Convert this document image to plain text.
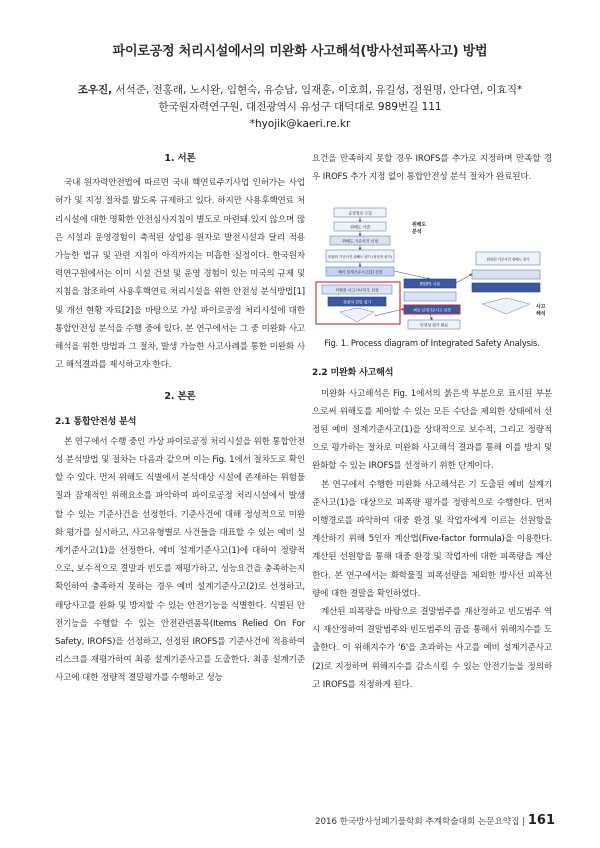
파이로공정 처리시설에서의 미완화 사고해석(방사선피폭사고) 방법
조우진, 서석준, 전홍래, 노시완, 임현숙, 유승남, 임재훈, 이호희, 유길성, 정원명, 안다연, 이효직*
한국원자력연구원, 대전광역시 유성구 대덕대로 989번길 111
*hyojik@kaeri.re.kr
1. 서론

국내 원자력안전법에 따르면 국내 핵연료주기사업 인허가는 사업허가 및 지정 절차를 밟도록 규제하고 있다. 하지만 사용후핵연료 처리시설에 대한 명확한 안전심사지침이 별도로 마련돼 있지 않으며 많은 시설과 운영경험이 축적된 상업용 원자로 발전시설과 달리 적용 가능한 법규 및 관련 지침이 아직까지는 미흡한 실정이다. 한국원자력연구원에서는 이미 시설 건설 및 운영 경험이 있는 미국의 규제 및 지침을 참조하여 사용후핵연료 처리시설을 위한 안전성 분석방법[1] 및 개선 현황 자료[2]을 바탕으로 가상 파이로공정 처리시설에 대한 통합안전성 분석을 수행 중에 있다. 본 연구에서는 그 중 미완화 사고해석을 위한 방법과 그 절차, 발생 가능한 사고사례를 통한 미완화 사고 해석결과를 제시하고자 한다.

2. 본론
2.1 통합안전성 분석

본 연구에서 수행 중인 가상 파이로공정 처리시설을 위한 통합안전성 분석방법 및 절차는 다음과 같으며 이는 Fig. 1에서 절차도로 확인할 수 있다. 먼저 위해도 식별에서 분석대상 시설에 존재하는 위험물질과 잠재적인 위해요소를 파악하여 파이로공정 처리시설에서 발생할 수 있는 기준사건을 선정한다. 기준사건에 대해 정성적으로 미완화 평가를 실시하고, 사고유형별로 사건들을 대표할 수 있는 예비 설계기준사고(1)을 선정한다. 예비 설계기준사고(1)에 대하여 정량적으로, 보수적으로 결말과 빈도를 재평가하고, 성능요건을 충족하는지 확인하여 충족하지 못하는 경우 예비 설계기준사고(2)로 선정하고, 해당사고를 완화 및 방지할 수 있는 안전기능을 식별한다. 식별된 안전기능을 수행할 수 있는 안전관련품목(Items Relied On For Safety, IROFS)을 선정하고, 선정된 IROFS를 기준사건에 적용하여 리스크를 재평가하여 최종 설계기준사고를 도출한다. 최종 설계기준사고에 대한 정량적 결말평가를 수행하고 성능

요건을 만족하지 못할 경우 IROFS를 추가로 지정하며 만족할 경우 IROFS 추가 지정 없이 통합안전성 분석 절차가 완료된다.

공정정보 수집
위해도 식별
위해도 기준사건 선정
미완화 기준사건 위해도 평가 (정성적 평가)
예비 설계기준사고(1) 선정
위해도
분석
완화된 기준사건 위해도 평가
미완화 사고시나리오 선정
정량적 결말 평가
IROFS 지정
최종 설계기준사고 선정	사고
해석
안전성 평가 완료
Fig. 1. Process diagram of Integrated Safety Analysis.
2.2 미완화 사고해석

미완화 사고해석은 Fig. 1에서의 붉은색 부분으로 표시된 부분으로써 위해도를 제어할 수 있는 모든 수단을 제외한 상태에서 선정된 예비 설계기준사고(1)을 상대적으로 보수적, 그리고 정량적으로 평가하는 절차로 미완화 사고해석 결과를 통해 이를 방지 및 완화할 수 있는 IROFS를 선정하기 위한 단계이다.

본 연구에서 수행한 미완화 사고해석은 기 도출된 예비 설계기준사고(1)을 대상으로 피폭량 평가를 정량적으로 수행한다. 먼저 이행경로를 파악하여 대중 환경 및 작업자에게 이르는 선원항을 계산하기 위해 5인자 계산법(Five-factor formula)을 이용한다. 계산된 선원항을 통해 대중 환경 및 작업자에 대한 피폭량을 계산한다. 본 연구에서는 화학물질 피폭선량을 제외한 방사선 피폭선량에 대한 결말을 확인하였다.

계산된 피폭량을 바탕으로 결말범주를 재산정하고 빈도범주 역시 재산정하여 결말범주와 빈도범주의 곱을 통해서 위해지수를 도출한다. 이 위해지수가 '6'을 초과하는 사고를 예비 설계기준사고(2)로 지정하며 위해지수를 감소시킬 수 있는 안전기능을 정의하고 IROFS를 지정하게 된다.

2016 한국방사성폐기물학회 추계학술대회 논문요약집 | 161
